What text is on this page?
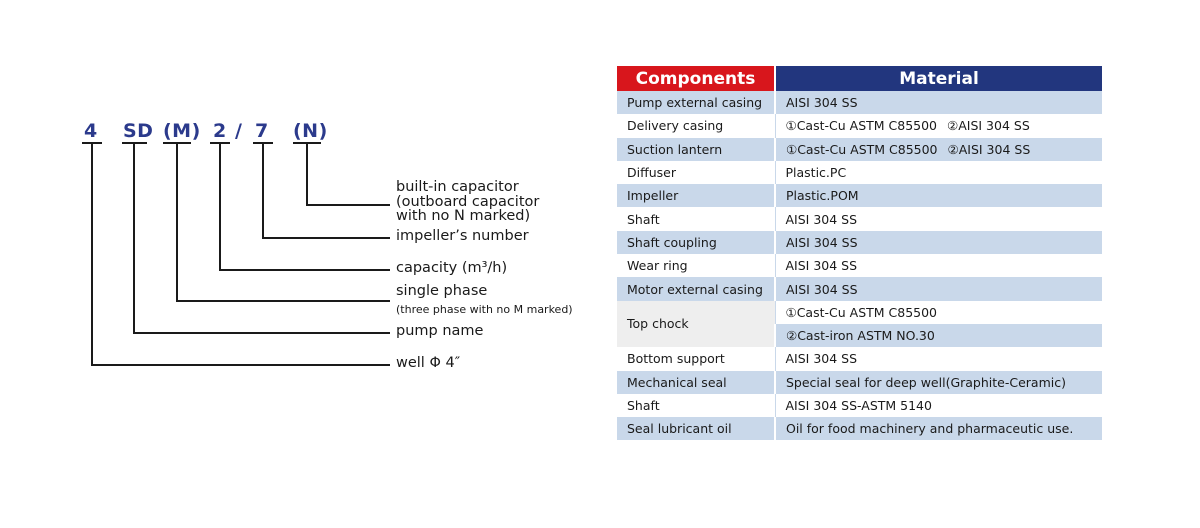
4 SD (M) 2 / 7 (N)
built-in capacitor
(outboard capacitor
with no N marked)
impeller’s number
capacity (m³/h)
single phase
(three phase with no M marked)
pump name
well Φ 4″
Components	Material
Pump external casing	AISI 304 SS
Delivery casing	①Cast-Cu ASTM C85500 ②AISI 304 SS
Suction lantern	①Cast-Cu ASTM C85500 ②AISI 304 SS
Diffuser	Plastic.PC
Impeller	Plastic.POM
Shaft	AISI 304 SS
Shaft coupling	AISI 304 SS
Wear ring	AISI 304 SS
Motor external casing	AISI 304 SS
Top chock	①Cast-Cu ASTM C85500
	②Cast-iron ASTM NO.30
Bottom support	AISI 304 SS
Mechanical seal	Special seal for deep well(Graphite-Ceramic)
Shaft	AISI 304 SS-ASTM 5140
Seal lubricant oil	Oil for food machinery and pharmaceutic use.
